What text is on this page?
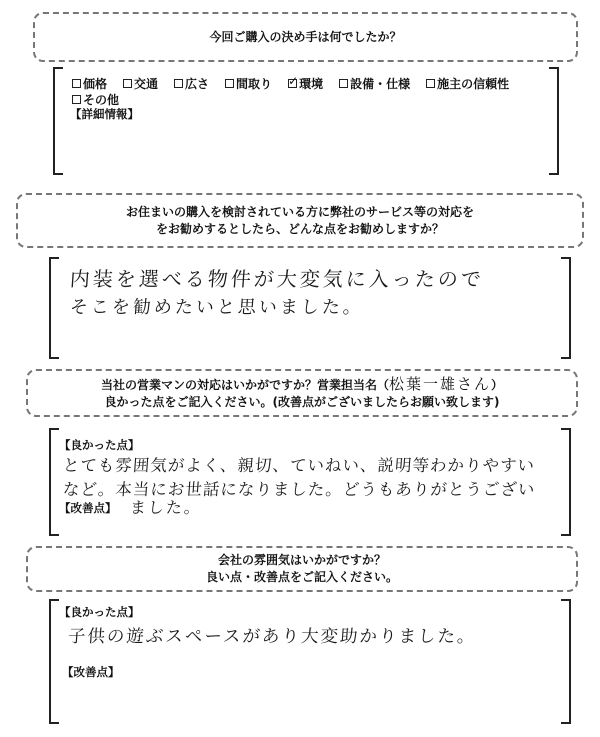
今回ご購入の決め手は何でしたか？
価格 交通 広さ 間取り
✓ 環境 設備・仕様 施主の信頼性
その他
【詳細情報】
お住まいの購入を検討されている方に弊社のサービス等の対応を
をお勧めするとしたら、どんな点をお勧めしますか？
内装を選べる物件が大変気に入ったので
そこを勧めたいと思いました。
当社の営業マンの対応はいかがですか？営業担当名（松葉一雄さん）
良かった点をご記入ください。(改善点がございましたらお願い致します)
【良かった点】
とても雰囲気がよく、親切、ていねい、説明等わかりやすい
など。本当にお世話になりました。どうもありがとうござい
【改善点】 ました。
会社の雰囲気はいかがですか？
良い点・改善点をご記入ください。
【良かった点】
子供の遊ぶスペースがあり大変助かりました。
【改善点】
